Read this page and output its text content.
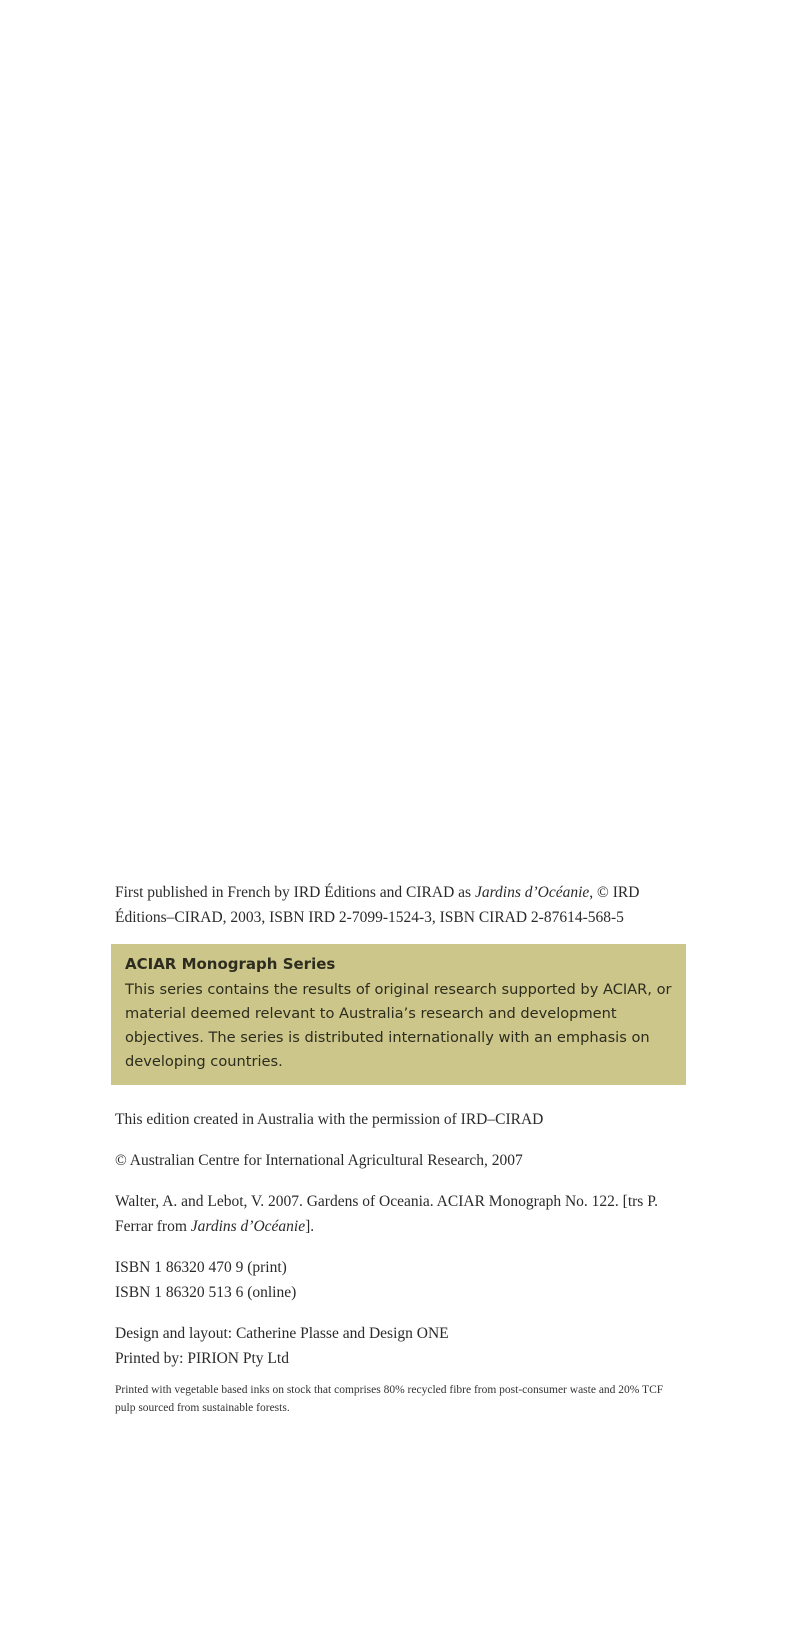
First published in French by IRD Éditions and CIRAD as Jardins d’Océanie, © IRD Éditions–CIRAD, 2003, ISBN IRD 2-7099-1524-3, ISBN CIRAD 2-87614-568-5

ACIAR Monograph Series

This series contains the results of original research supported by ACIAR, or material deemed relevant to Australia’s research and development objectives. The series is distributed internationally with an emphasis on developing countries.

This edition created in Australia with the permission of IRD–CIRAD

© Australian Centre for International Agricultural Research, 2007

Walter, A. and Lebot, V. 2007. Gardens of Oceania. ACIAR Monograph No. 122. [trs P. Ferrar from Jardins d’Océanie].

ISBN 1 86320 470 9 (print)

ISBN 1 86320 513 6 (online)

Design and layout: Catherine Plasse and Design ONE

Printed by: PIRION Pty Ltd

Printed with vegetable based inks on stock that comprises 80% recycled fibre from post-consumer waste and 20% TCF pulp sourced from sustainable forests.
